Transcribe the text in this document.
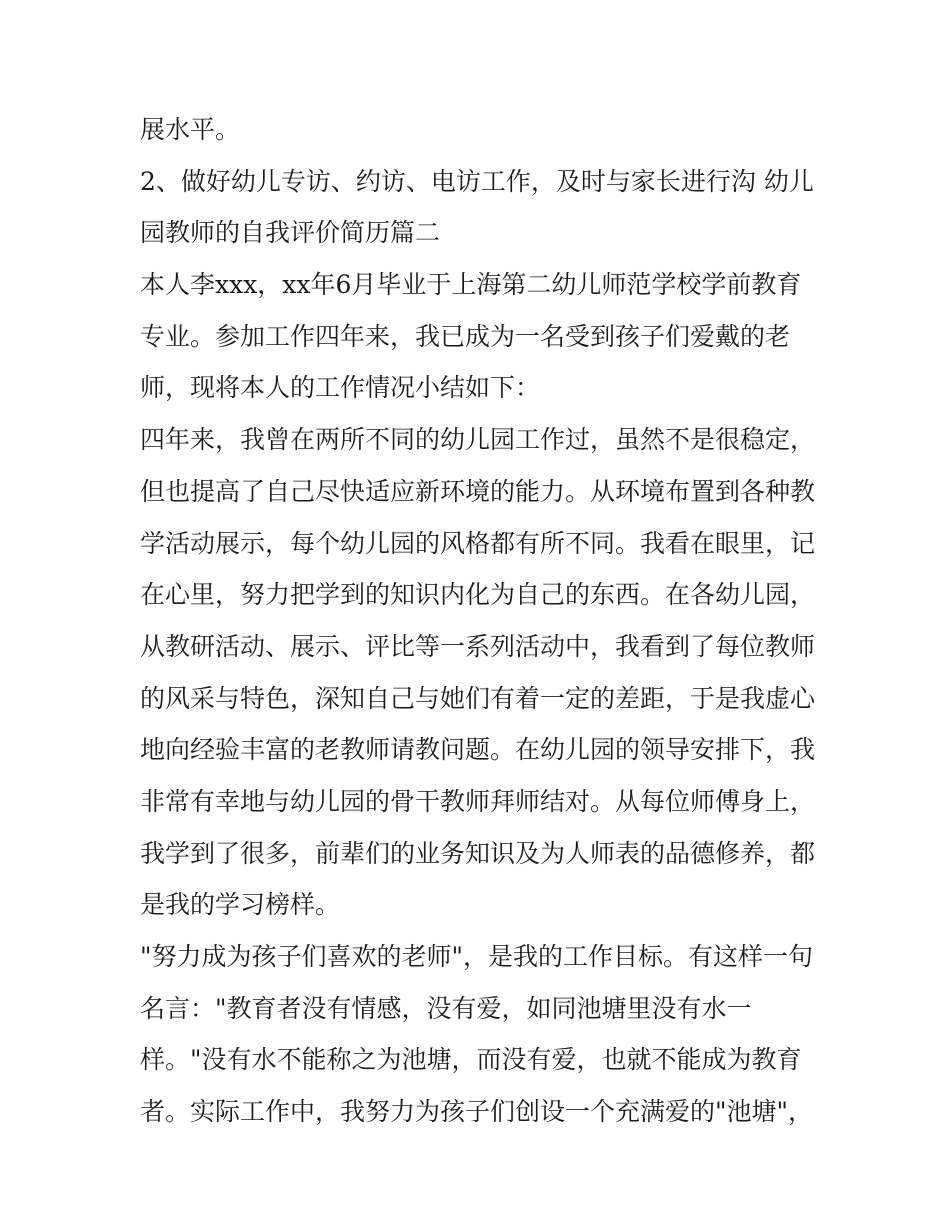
展水平。
2、做好幼儿专访、约访、电访工作，及时与家长进行沟 幼儿
园教师的自我评价简历篇二
本人李xxx，xx年6月毕业于上海第二幼儿师范学校学前教育
专业。参加工作四年来，我已成为一名受到孩子们爱戴的老
师，现将本人的工作情况小结如下：
四年来，我曾在两所不同的幼儿园工作过，虽然不是很稳定，
但也提高了自己尽快适应新环境的能力。从环境布置到各种教
学活动展示，每个幼儿园的风格都有所不同。我看在眼里，记
在心里，努力把学到的知识内化为自己的东西。在各幼儿园，
从教研活动、展示、评比等一系列活动中，我看到了每位教师
的风采与特色，深知自己与她们有着一定的差距，于是我虚心
地向经验丰富的老教师请教问题。在幼儿园的领导安排下，我
非常有幸地与幼儿园的骨干教师拜师结对。从每位师傅身上，
我学到了很多，前辈们的业务知识及为人师表的品德修养，都
是我的学习榜样。
"努力成为孩子们喜欢的老师"，是我的工作目标。有这样一句
名言："教育者没有情感，没有爱，如同池塘里没有水一
样。"没有水不能称之为池塘，而没有爱，也就不能成为教育
者。实际工作中，我努力为孩子们创设一个充满爱的"池塘"，
